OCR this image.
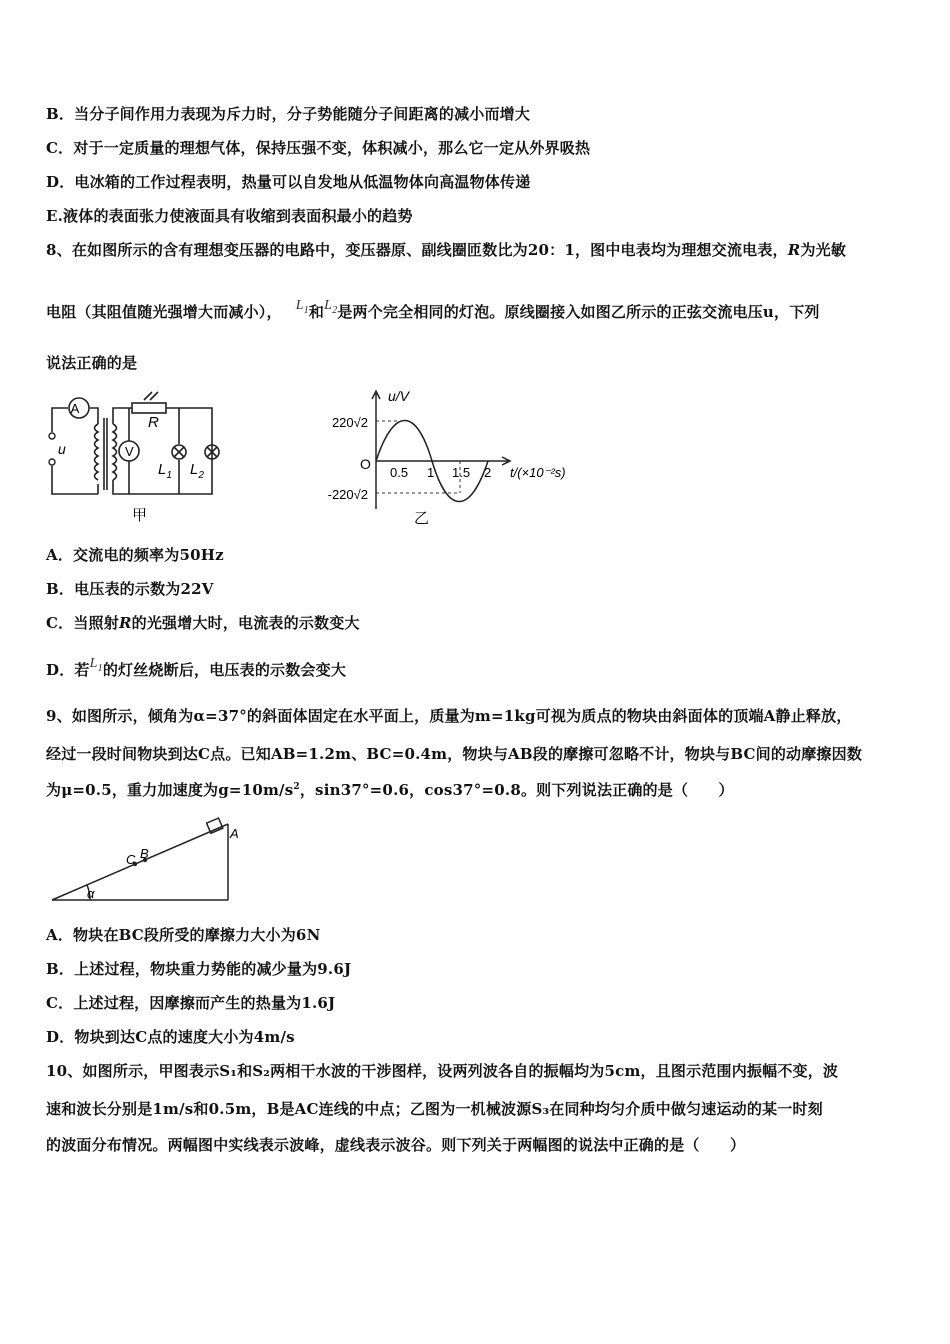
B．当分子间作用力表现为斥力时，分子势能随分子间距离的减小而增大
C．对于一定质量的理想气体，保持压强不变，体积减小，那么它一定从外界吸热
D．电冰箱的工作过程表明，热量可以自发地从低温物体向高温物体传递
E.液体的表面张力使液面具有收缩到表面积最小的趋势
8、在如图所示的含有理想变压器的电路中，变压器原、副线圈匝数比为20：1，图中电表均为理想交流电表，R为光敏
电阻（其阻值随光强增大而减小）， $L_1$和$L_2$是两个完全相同的灯泡。原线圈接入如图乙所示的正弦交流电压u，下列
说法正确的是
A
V
R
$L_1$ $L_2$
u
甲
u/V
220√2
-220√2
O
0.5 1 1.5 2 t/(×10⁻²s)
乙
A．交流电的频率为50Hz
B．电压表的示数为22V
C．当照射R的光强增大时，电流表的示数变大
D．若$L_1$的灯丝烧断后，电压表的示数会变大
9、如图所示，倾角为α=37°的斜面体固定在水平面上，质量为m=1kg可视为质点的物块由斜面体的顶端A静止释放，
经过一段时间物块到达C点。已知AB=1.2m、BC=0.4m，物块与AB段的摩擦可忽略不计，物块与BC间的动摩擦因数
为μ=0.5，重力加速度为$g=10m/s^2$，sin37°=0.6，cos37°=0.8。则下列说法正确的是（　　）
A
B
C
α
A．物块在BC段所受的摩擦力大小为6N
B．上述过程，物块重力势能的减少量为9.6J
C．上述过程，因摩擦而产生的热量为1.6J
D．物块到达C点的速度大小为4m/s
10、如图所示，甲图表示S₁和S₂两相干水波的干涉图样，设两列波各自的振幅均为5cm，且图示范围内振幅不变，波
速和波长分别是1m/s和0.5m，B是AC连线的中点；乙图为一机械波源S₃在同种均匀介质中做匀速运动的某一时刻
的波面分布情况。两幅图中实线表示波峰，虚线表示波谷。则下列关于两幅图的说法中正确的是（　　）
